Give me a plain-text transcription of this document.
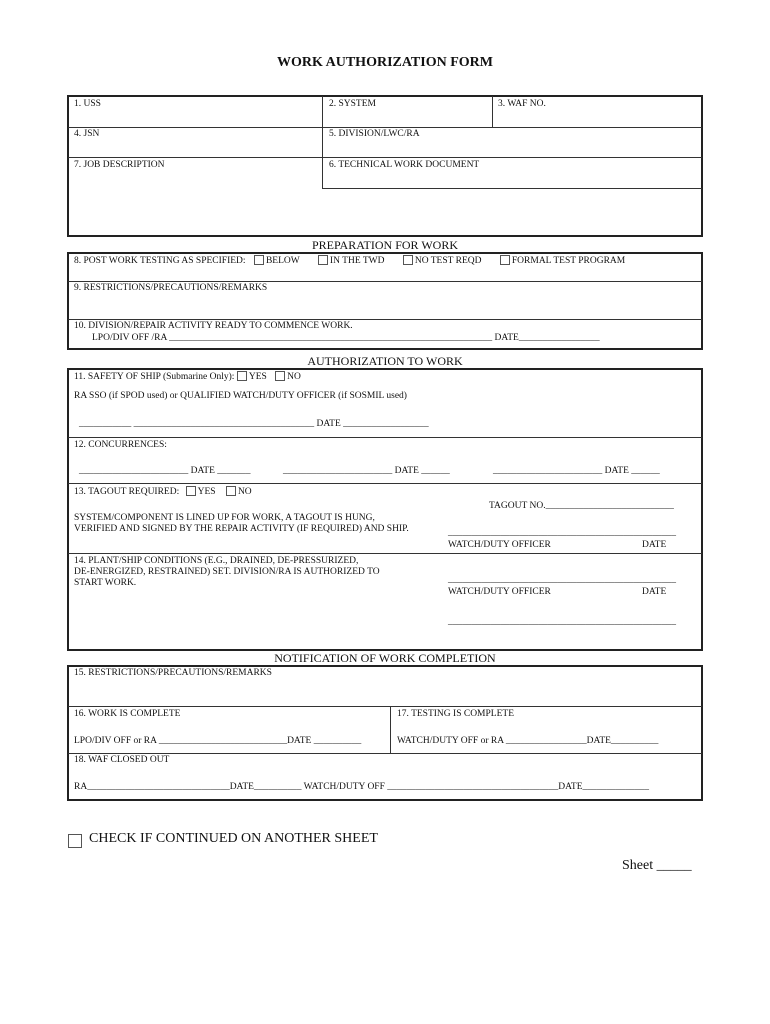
WORK AUTHORIZATION FORM
1. USS	2. SYSTEM	3. WAF NO.
4. JSN	5. DIVISION/LWC/RA
7. JOB DESCRIPTION	6. TECHNICAL WORK DOCUMENT
PREPARATION FOR WORK
8. POST WORK TESTING AS SPECIFIED: BELOW	IN THE TWD	NO TEST REQD	FORMAL TEST PROGRAM
9. RESTRICTIONS/PRECAUTIONS/REMARKS
10. DIVISION/REPAIR ACTIVITY READY TO COMMENCE WORK.
LPO/DIV OFF /RA ____________________________________________________________________ DATE_________________
AUTHORIZATION TO WORK
11. SAFETY OF SHIP (Submarine Only): YES NO
RA SSO (if SPOD used) or QUALIFIED WATCH/DUTY OFFICER (if SOSMIL used)
___________ ______________________________________ DATE __________________
12. CONCURRENCES:
_______________________ DATE _______	_______________________ DATE ______	_______________________ DATE ______
13. TAGOUT REQUIRED: YES NO
TAGOUT NO.___________________________
SYSTEM/COMPONENT IS LINED UP FOR WORK, A TAGOUT IS HUNG,
VERIFIED AND SIGNED BY THE REPAIR ACTIVITY (IF REQUIRED) AND SHIP.	________________________________________________
WATCH/DUTY OFFICER	DATE
14. PLANT/SHIP CONDITIONS (E.G., DRAINED, DE-PRESSURIZED,
DE-ENERGIZED, RESTRAINED) SET. DIVISION/RA IS AUTHORIZED TO
START WORK.	________________________________________________
WATCH/DUTY OFFICER	DATE
________________________________________________
NOTIFICATION OF WORK COMPLETION
15. RESTRICTIONS/PRECAUTIONS/REMARKS
16. WORK IS COMPLETE
LPO/DIV OFF or RA ___________________________DATE __________
17. TESTING IS COMPLETE
WATCH/DUTY OFF or RA _________________DATE__________
18. WAF CLOSED OUT
RA______________________________DATE__________ WATCH/DUTY OFF ____________________________________DATE______________
CHECK IF CONTINUED ON ANOTHER SHEET
Sheet _____
